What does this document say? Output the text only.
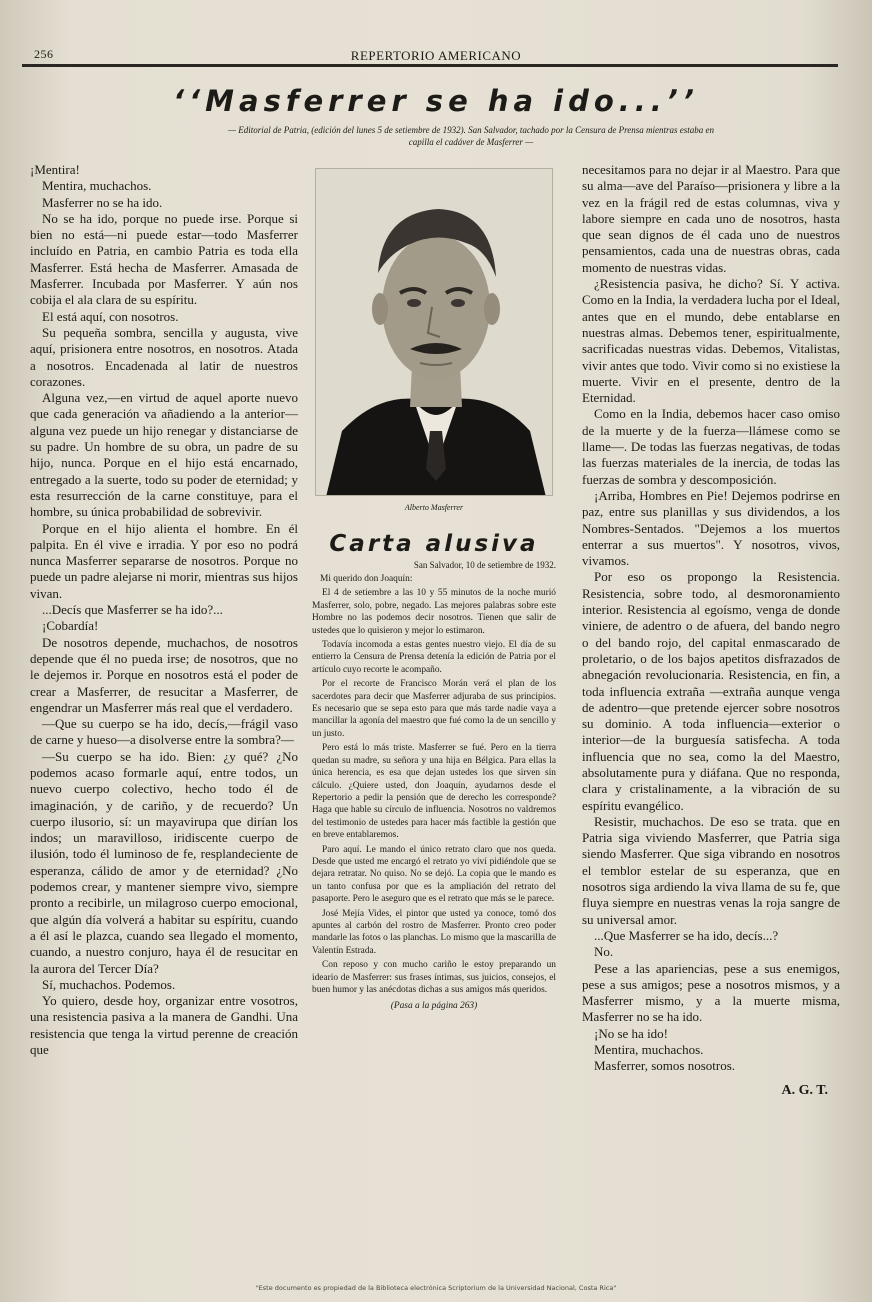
256	REPERTORIO AMERICANO
‘‘Masferrer se ha ido...’’
— Editorial de Patria, (edición del lunes 5 de setiembre de 1932). San Salvador, tachado por la Censura de Prensa mientras estaba en capilla el cadáver de Masferrer —

¡Mentira!

Mentira, muchachos.

Masferrer no se ha ido.

No se ha ido, porque no puede irse. Porque si bien no está—ni puede estar—todo Masferrer incluído en Patria, en cambio Patria es toda ella Masferrer. Está hecha de Masferrer. Amasada de Masferrer. Incubada por Masferrer. Y aún nos cobija el ala clara de su espíritu.

El está aquí, con nosotros.

Su pequeña sombra, sencilla y augusta, vive aquí, prisionera entre nosotros, en nosotros. Atada a nosotros. Encadenada al latir de nuestros corazones.

Alguna vez,—en virtud de aquel aporte nuevo que cada generación va añadiendo a la anterior—alguna vez puede un hijo renegar y distanciarse de su padre. Un hombre de su obra, un padre de su hijo, nunca. Porque en el hijo está encarnado, entregado a la suerte, todo su poder de eternidad; y esta resurrección de la carne constituye, para el hombre, su única probabilidad de sobrevivir.

Porque en el hijo alienta el hombre. En él palpita. En él vive e irradia. Y por eso no podrá nunca Masferrer separarse de nosotros. Porque no puede un padre alejarse ni morir, mientras sus hijos vivan.

...Decís que Masferrer se ha ido?...

¡Cobardía!

De nosotros depende, muchachos, de nosotros depende que él no pueda irse; de nosotros, que no le dejemos ir. Porque en nosotros está el poder de crear a Masferrer, de resucitar a Masferrer, de engendrar un Masferrer más real que el verdadero.

—Que su cuerpo se ha ido, decís,—frágil vaso de carne y hueso—a disolverse entre la sombra?—

—Su cuerpo se ha ido. Bien: ¿y qué? ¿No podemos acaso formarle aquí, entre todos, un nuevo cuerpo colectivo, hecho todo él de imaginación, y de cariño, y de recuerdo? Un cuerpo ilusorio, sí: un mayavirupa que dirían los indos; un maravilloso, iridiscente cuerpo de ilusión, todo él luminoso de fe, resplandeciente de esperanza, cálido de amor y de eternidad? ¿No podemos crear, y mantener siempre vivo, siempre pronto a recibirle, un milagroso cuerpo emocional, que algún día volverá a habitar su espíritu, cuando a él así le plazca, cuando sea llegado el momento, cuando, a nuestro conjuro, haya él de resucitar en la aurora del Tercer Día?

Sí, muchachos. Podemos.

Yo quiero, desde hoy, organizar entre vosotros, una resistencia pasiva a la manera de Gandhi. Una resistencia que tenga la virtud perenne de creación que

Alberto Masferrer
Carta alusiva

San Salvador, 10 de setiembre de 1932.

Mi querido don Joaquín:

El 4 de setiembre a las 10 y 55 minutos de la noche murió Masferrer, solo, pobre, negado. Las mejores palabras sobre este Hombre no las podemos decir nosotros. Tienen que salir de ustedes que lo quisieron y mejor lo estimaron.

Todavía incomoda a estas gentes nuestro viejo. El día de su entierro la Censura de Prensa detenía la edición de Patria por el artículo cuyo recorte le acompaño.

Por el recorte de Francisco Morán verá el plan de los sacerdotes para decir que Masferrer adjuraba de sus principios. Es necesario que se sepa esto para que más tarde nadie vaya a mancillar la agonía del maestro que fué como la de un sencillo y un justo.

Pero está lo más triste. Masferrer se fué. Pero en la tierra quedan su madre, su señora y una hija en Bélgica. Para ellas la única herencia, es esa que dejan ustedes los que sirven sin cálculo. ¿Quiere usted, don Joaquín, ayudarnos desde el Repertorio a pedir la pensión que de derecho les corresponde? Haga que hable su círculo de influencia. Nosotros no valdremos del testimonio de ustedes para hacer más factible la gestión que en breve entablaremos.

Paro aquí. Le mando el único retrato claro que nos queda. Desde que usted me encargó el retrato yo viví pidiéndole que se dejara retratar. No quiso. No se dejó. La copia que le mando es un tanto confusa por que es la ampliación del retrato del pasaporte. Pero le aseguro que es el retrato que más se le parece.

José Mejía Vides, el pintor que usted ya conoce, tomó dos apuntes al carbón del rostro de Masferrer. Pronto creo poder mandarle las fotos o las planchas. Lo mismo que la mascarilla de Valentín Estrada.

Con reposo y con mucho cariño le estoy preparando un ideario de Masferrer: sus frases íntimas, sus juicios, consejos, el buen humor y las anécdotas dichas a sus amigos más queridos.

(Pasa a la página 263)

necesitamos para no dejar ir al Maestro. Para que su alma—ave del Paraíso—prisionera y libre a la vez en la frágil red de estas columnas, viva y labore siempre en cada uno de nosotros, hasta que sean dignos de él cada uno de nuestros pensamientos, cada una de nuestras obras, cada momento de nuestras vidas.

¿Resistencia pasiva, he dicho? Sí. Y activa. Como en la India, la verdadera lucha por el Ideal, antes que en el mundo, debe entablarse en nuestras almas. Debemos tener, espiritualmente, sacrificadas nuestras vidas. Debemos, Vitalistas, vivir antes que todo. Vivir como si no existiese la muerte. Vivir en el presente, dentro de la Eternidad.

Como en la India, debemos hacer caso omiso de la muerte y de la fuerza—llámese como se llame—. De todas las fuerzas negativas, de todas las fuerzas materiales de la inercia, de todas las fuerzas de sombra y descomposición.

¡Arriba, Hombres en Pie! Dejemos podrirse en paz, entre sus planillas y sus dividendos, a los Nombres-Sentados. "Dejemos a los muertos enterrar a sus muertos". Y nosotros, vivos, vivamos.

Por eso os propongo la Resistencia. Resistencia, sobre todo, al desmoronamiento interior. Resistencia al egoísmo, venga de donde viniere, de adentro o de afuera, del bando negro o del bando rojo, del capital enmascarado de proletario, o de los bajos apetitos disfrazados de abnegación revolucionaria. Resistencia, en fin, a toda influencia extraña —extraña aunque venga de adentro—que pretende ejercer sobre nosotros su dominio. A toda influencia—exterior o interior—de la burguesía satisfecha. A toda influencia que no sea, como la del Maestro, absolutamente pura y diáfana. Que no responda, clara y cristalinamente, a la vibración de su espíritu evangélico.

Resistir, muchachos. De eso se trata. que en Patria siga viviendo Masferrer, que Patria siga siendo Masferrer. Que siga vibrando en nosotros el temblor estelar de su esperanza, que en nosotros siga ardiendo la viva llama de su fe, que fluya siempre en nuestras venas la roja sangre de su universal amor.

...Que Masferrer se ha ido, decís...?

No.

Pese a las apariencias, pese a sus enemigos, pese a sus amigos; pese a nosotros mismos, y a Masferrer mismo, y a la muerte misma, Masferrer no se ha ido.

¡No se ha ido!

Mentira, muchachos.

Masferrer, somos nosotros.

A. G. T.
"Este documento es propiedad de la Biblioteca electrónica Scriptorium de la Universidad Nacional, Costa Rica"
